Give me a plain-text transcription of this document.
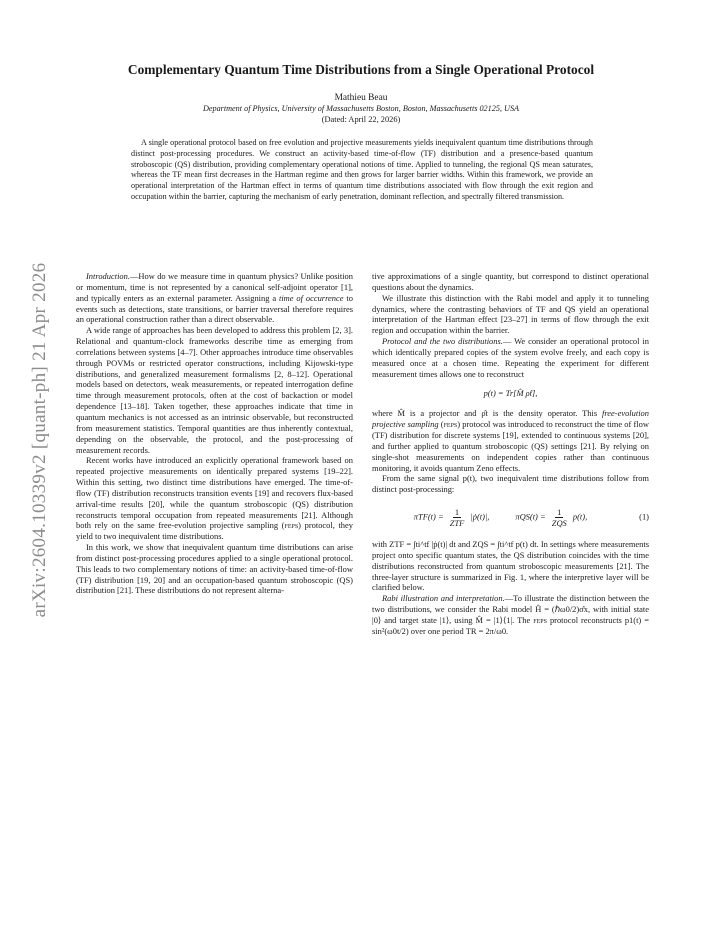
arXiv:2604.10339v2 [quant-ph] 21 Apr 2026
Complementary Quantum Time Distributions from a Single Operational Protocol
Mathieu Beau
Department of Physics, University of Massachusetts Boston, Boston, Massachusetts 02125, USA
(Dated: April 22, 2026)

A single operational protocol based on free evolution and projective measurements yields inequivalent quantum time distributions through distinct post-processing procedures. We construct an activity-based time-of-flow (TF) distribution and a presence-based quantum stroboscopic (QS) distribution, providing complementary operational notions of time. Applied to tunneling, the regional QS mean saturates, whereas the TF mean first decreases in the Hartman regime and then grows for larger barrier widths. Within this framework, we provide an operational interpretation of the Hartman effect in terms of quantum time distributions associated with flow through the exit region and occupation within the barrier, capturing the mechanism of early penetration, dominant reflection, and spectrally filtered transmission.

Introduction.—How do we measure time in quantum physics? Unlike position or momentum, time is not represented by a canonical self-adjoint operator [1], and typically enters as an external parameter. Assigning a time of occurrence to events such as detections, state transitions, or barrier traversal therefore requires an operational construction rather than a direct observable.

A wide range of approaches has been developed to address this problem [2, 3]. Relational and quantum-clock frameworks describe time as emerging from correlations between systems [4–7]. Other approaches introduce time observables through POVMs or restricted operator constructions, including Kijowski-type distributions, and generalized measurement formalisms [2, 8–12]. Operational models based on detectors, weak measurements, or repeated interrogation define time through measurement protocols, often at the cost of backaction or model dependence [13–18]. Taken together, these approaches indicate that time in quantum mechanics is not accessed as an intrinsic observable, but reconstructed from measurement statistics. Temporal quantities are thus inherently contextual, depending on the observable, the protocol, and the post-processing of measurement records.

Recent works have introduced an explicitly operational framework based on repeated projective measurements on identically prepared systems [19–22]. Within this setting, two distinct time distributions have emerged. The time-of-flow (TF) distribution reconstructs transition events [19] and recovers flux-based arrival-time results [20], while the quantum stroboscopic (QS) distribution reconstructs temporal occupation from repeated measurements [21]. Although both rely on the same free-evolution projective sampling (feps) protocol, they yield to two inequivalent time distributions.

In this work, we show that inequivalent quantum time distributions can arise from distinct post-processing procedures applied to a single operational protocol. This leads to two complementary notions of time: an activity-based time-of-flow (TF) distribution [19, 20] and an occupation-based quantum stroboscopic (QS) distribution [21]. These distributions do not represent alterna-

tive approximations of a single quantity, but correspond to distinct operational questions about the dynamics.

We illustrate this distinction with the Rabi model and apply it to tunneling dynamics, where the contrasting behaviors of TF and QS yield an operational interpretation of the Hartman effect [23–27] in terms of flow through the exit region and occupation within the barrier.

Protocol and the two distributions.— We consider an operational protocol in which identically prepared copies of the system evolve freely, and each copy is measured once at a chosen time. Repeating the experiment for different measurement times allows one to reconstruct

p(t) = Tr[M̂ ρ̂t],

where M̂ is a projector and ρ̂t is the density operator. This free-evolution projective sampling (feps) protocol was introduced to reconstruct the time of flow (TF) distribution for discrete systems [19], extended to continuous systems [20], and further applied to quantum stroboscopic (QS) settings [21]. By relying on single-shot measurements on independent copies rather than continuous monitoring, it avoids quantum Zeno effects.

From the same signal p(t), two inequivalent time distributions follow from distinct post-processing:

$\pi TF(t) = \frac{1}{\text{ZTF}}$ |ṗ(t)|,	$\pi QS(t) = \frac{1}{\text{ZQS}} p(t)$,	(1)

with ZTF = ∫ti^tf |ṗ(t)| dt and ZQS = ∫ti^tf p(t) dt. In settings where measurements project onto specific quantum states, the QS distribution coincides with the time distributions reconstructed from quantum stroboscopic measurements [21]. The three-layer structure is summarized in Fig. 1, where the interpretive layer will be clarified below.

Rabi illustration and interpretation.—To illustrate the distinction between the two distributions, we consider the Rabi model Ĥ = (ℏω0/2)σ̂x, with initial state |0⟩ and target state |1⟩, using M̂ = |1⟩⟨1|. The feps protocol reconstructs p1(t) = sin²(ω0t/2) over one period TR = 2π/ω0.
